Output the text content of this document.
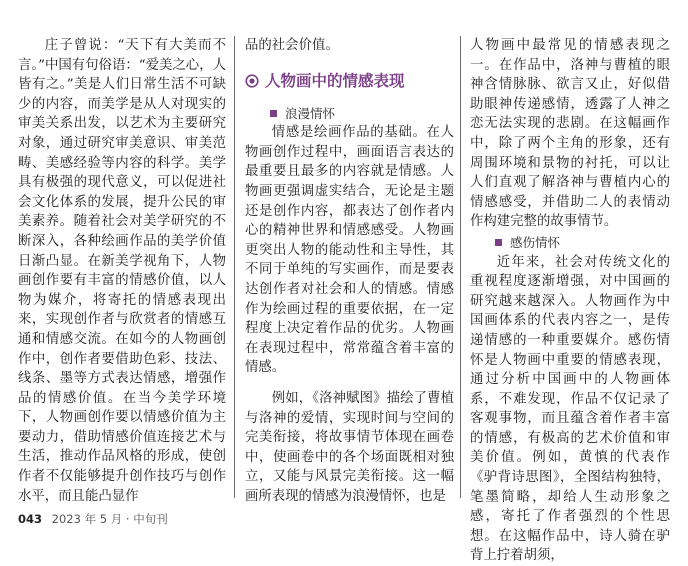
庄子曾说：“天下有大美而不言。”中国有句俗语：“爱美之心，人皆有之。”美是人们日常生活不可缺少的内容，而美学是从人对现实的审美关系出发，以艺术为主要研究对象，通过研究审美意识、审美范畴、美感经验等内容的科学。美学具有极强的现代意义，可以促进社会文化体系的发展，提升公民的审美素养。随着社会对美学研究的不断深入，各种绘画作品的美学价值日渐凸显。在新美学视角下，人物画创作要有丰富的情感价值，以人物为媒介，将寄托的情感表现出来，实现创作者与欣赏者的情感互通和情感交流。在如今的人物画创作中，创作者要借助色彩、技法、线条、墨等方式表达情感，增强作品的情感价值。在当今美学环境下，人物画创作要以情感价值为主要动力，借助情感价值连接艺术与生活，推动作品风格的形成，使创作者不仅能够提升创作技巧与创作水平，而且能凸显作

品的社会价值。

人物画中的情感表现
浪漫情怀

情感是绘画作品的基础。在人物画创作过程中，画面语言表达的最重要且最多的内容就是情感。人物画更强调虚实结合，无论是主题还是创作内容，都表达了创作者内心的精神世界和情感感受。人物画更突出人物的能动性和主导性，其不同于单纯的写实画作，而是要表达创作者对社会和人的情感。情感作为绘画过程的重要依据，在一定程度上决定着作品的优劣。人物画在表现过程中，常常蕴含着丰富的情感。

例如，《洛神赋图》描绘了曹植与洛神的爱情，实现时间与空间的完美衔接，将故事情节体现在画卷中，使画卷中的各个场面既相对独立，又能与风景完美衔接。这一幅画所表现的情感为浪漫情怀，也是

人物画中最常见的情感表现之一。在作品中，洛神与曹植的眼神含情脉脉、欲言又止，好似借助眼神传递感情，透露了人神之恋无法实现的悲剧。在这幅画作中，除了两个主角的形象，还有周围环境和景物的衬托，可以让人们直观了解洛神与曹植内心的情感感受，并借助二人的表情动作构建完整的故事情节。

感伤情怀

近年来，社会对传统文化的重视程度逐渐增强，对中国画的研究越来越深入。人物画作为中国画体系的代表内容之一，是传递情感的一种重要媒介。感伤情怀是人物画中重要的情感表现，通过分析中国画中的人物画体系，不难发现，作品不仅记录了客观事物，而且蕴含着作者丰富的情感，有极高的艺术价值和审美价值。例如，黄慎的代表作《驴背诗思图》，全图结构独特，笔墨简略，却给人生动形象之感，寄托了作者强烈的个性思想。在这幅作品中，诗人骑在驴背上拧着胡须，

043 2023 年 5 月 · 中旬刊
